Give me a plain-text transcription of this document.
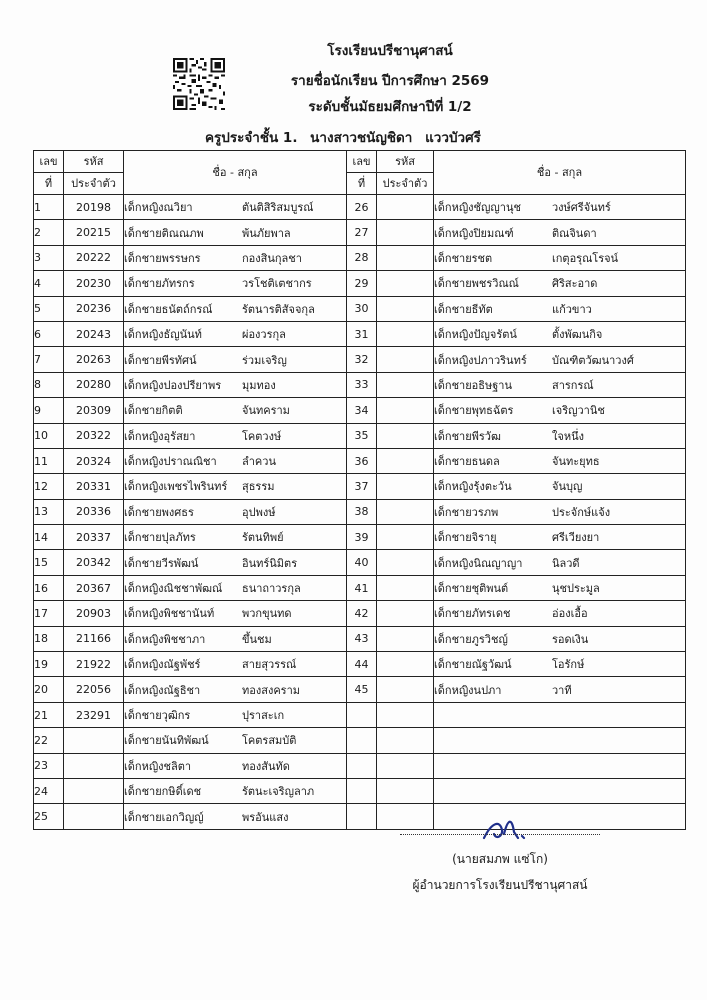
โรงเรียนปรีชานุศาสน์
รายชื่อนักเรียน ปีการศึกษา 2569
ระดับชั้นมัธยมศึกษาปีที่ 1/2
ครูประจำชั้น 1. นางสาวชนัญชิดา แววบัวศรี
เลข	รหัส	ชื่อ - สกุล	เลข	รหัส	ชื่อ - สกุล
ที่	ประจำตัว		ที่	ประจำตัว	
1	20198	เด็กหญิงณวิยา ตันติสิริสมบูรณ์	26		เด็กหญิงชัญญานุช วงษ์ศรีจันทร์
2	20215	เด็กชายติณณภพ พ้นภัยพาล	27		เด็กหญิงปิยมณฑ์ ติณจินดา
3	20222	เด็กชายพรรษกร กองสินกุลชา	28		เด็กชายรชต เกตุอรุณโรจน์
4	20230	เด็กชายภัทรกร วรโชติเตชากร	29		เด็กชายพชรวิณณ์ ศิริสะอาด
5	20236	เด็กชายธนัตถ์กรณ์ รัตนารติสัจจกุล	30		เด็กชายธีทัต แก้วขาว
6	20243	เด็กหญิงธัญนันท์ ผ่องวรกุล	31		เด็กหญิงปัญจรัตน์ ตั้งพัฒนกิจ
7	20263	เด็กชายพีรทัศน์ ร่วมเจริญ	32		เด็กหญิงปภาวรินทร์ บัณฑิตวัฒนาวงศ์
8	20280	เด็กหญิงปองปรียาพร มุมทอง	33		เด็กชายอธิษฐาน สารกรณ์
9	20309	เด็กชายกิตติ จันทคราม	34		เด็กชายพุทธฉัตร เจริญวานิช
10	20322	เด็กหญิงอุรัสยา โคตวงษ์	35		เด็กชายพีรวัฒ ใจหนึ่ง
11	20324	เด็กหญิงปราณณิชา ลำควน	36		เด็กชายธนดล จันทะยุทธ
12	20331	เด็กหญิงเพชรไพรินทร์ สุธรรม	37		เด็กหญิงรุ้งตะวัน จันบุญ
13	20336	เด็กชายพงศธร อุปพงษ์	38		เด็กชายวรภพ ประจักษ์แจ้ง
14	20337	เด็กชายปุลภัทร รัตนทิพย์	39		เด็กชายจิรายุ ศรีเวียงยา
15	20342	เด็กชายวีรพัฒน์ อินทร์นิมิตร	40		เด็กหญิงนิณญาญา นิลวดี
16	20367	เด็กหญิงณิชชาพัฒณ์ ธนาถาวรกุล	41		เด็กชายชุติพนต์ นุชประมูล
17	20903	เด็กหญิงพิชชานันท์ พวกขุนทด	42		เด็กชายภัทรเดช อ่องเอื้อ
18	21166	เด็กหญิงพิชชาภา ขึ้นชม	43		เด็กชายภูรวิชญ์ รอดเงิน
19	21922	เด็กหญิงณัฐพัชร์ สายสุวรรณ์	44		เด็กชายณัฐวัฒน์ โอรักษ์
20	22056	เด็กหญิงณัฐธิชา ทองสงคราม	45		เด็กหญิงนปภา วาที
21	23291	เด็กชายวุฒิกร ปุราสะเก			
22		เด็กชายนันทิพัฒน์ โคตรสมบัติ			
23		เด็กหญิงชลิตา ทองสันทัด			
24		เด็กชายกษิดิ์เดช รัตนะเจริญลาภ			
25		เด็กชายเอกวิญญ์ พรอันแสง			
(นายสมภพ แซ่โก)
ผู้อำนวยการโรงเรียนปรีชานุศาสน์
